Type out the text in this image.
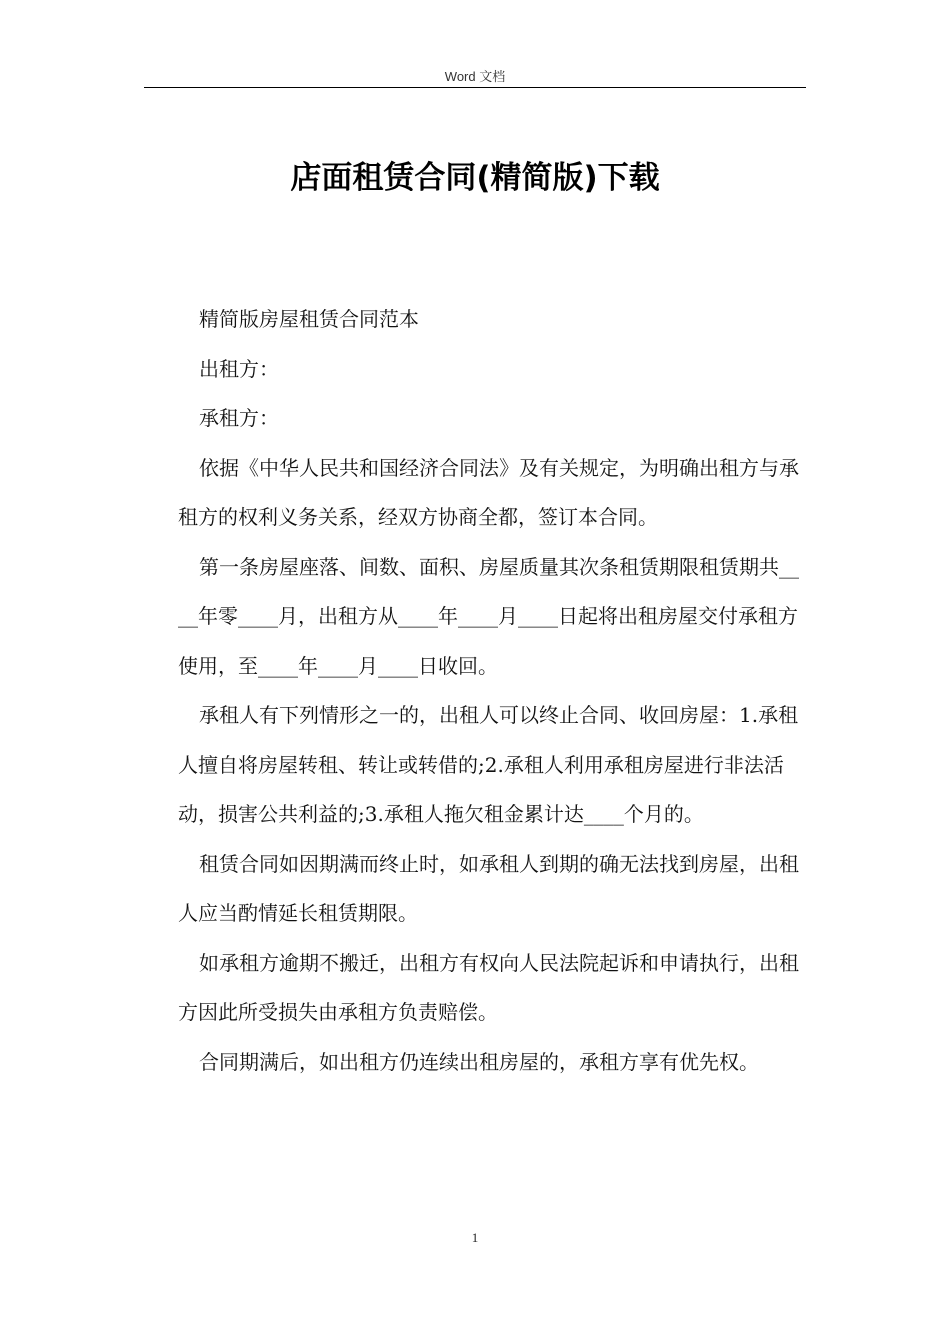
Word 文档
店面租赁合同(精简版)下载

精简版房屋租赁合同范本

出租方：

承租方：

依据《中华人民共和国经济合同法》及有关规定，为明确出租方与承租方的权利义务关系，经双方协商全都，签订本合同。

第一条房屋座落、间数、面积、房屋质量其次条租赁期限租赁期共____年零____月，出租方从____年____月____日起将出租房屋交付承租方使用，至____年____月____日收回。

承租人有下列情形之一的，出租人可以终止合同、收回房屋：1.承租人擅自将房屋转租、转让或转借的;2.承租人利用承租房屋进行非法活动，损害公共利益的;3.承租人拖欠租金累计达____个月的。

租赁合同如因期满而终止时，如承租人到期的确无法找到房屋，出租人应当酌情延长租赁期限。

如承租方逾期不搬迁，出租方有权向人民法院起诉和申请执行，出租方因此所受损失由承租方负责赔偿。

合同期满后，如出租方仍连续出租房屋的，承租方享有优先权。

1
